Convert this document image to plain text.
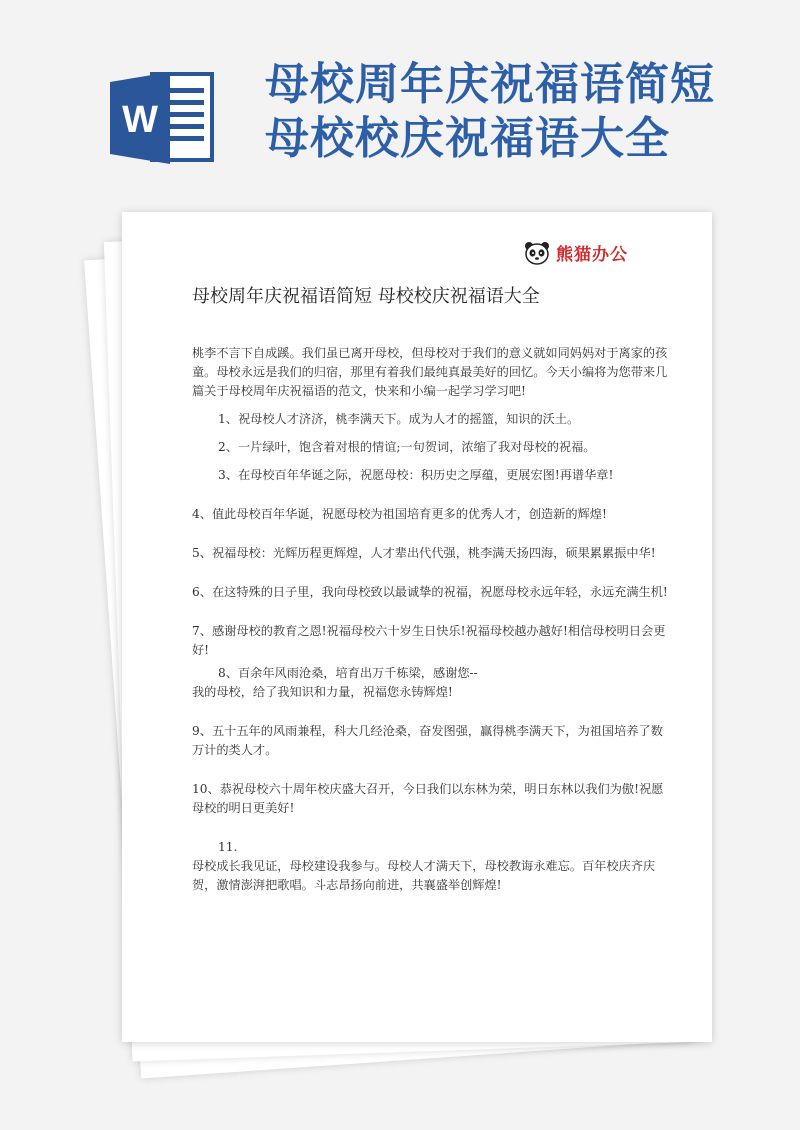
W
母校周年庆祝福语简短
母校校庆祝福语大全
熊猫办公
母校周年庆祝福语简短 母校校庆祝福语大全

桃李不言下自成蹊。我们虽已离开母校，但母校对于我们的意义就如同妈妈对于离家的孩童。母校永远是我们的归宿，那里有着我们最纯真最美好的回忆。今天小编将为您带来几篇关于母校周年庆祝福语的范文，快来和小编一起学习学习吧!

1、祝母校人才济济，桃李满天下。成为人才的摇篮，知识的沃土。

2、一片绿叶，饱含着对根的情谊;一句贺词，浓缩了我对母校的祝福。

3、在母校百年华诞之际，祝愿母校：积历史之厚蕴，更展宏图!再谱华章!

4、值此母校百年华诞，祝愿母校为祖国培育更多的优秀人才，创造新的辉煌!

5、祝福母校：光辉历程更辉煌，人才辈出代代强，桃李满天扬四海，硕果累累振中华!

6、在这特殊的日子里，我向母校致以最诚挚的祝福，祝愿母校永远年轻，永远充满生机!

7、感谢母校的教育之恩!祝福母校六十岁生日快乐!祝福母校越办越好!相信母校明日会更好!

8、百余年风雨沧桑，培育出万千栋梁，感谢您--

我的母校，给了我知识和力量，祝福您永铸辉煌!

9、五十五年的风雨兼程，科大几经沧桑，奋发图强，赢得桃李满天下，为祖国培养了数万计的类人才。

10、恭祝母校六十周年校庆盛大召开，今日我们以东林为荣，明日东林以我们为傲!祝愿母校的明日更美好!

11.

母校成长我见证，母校建设我参与。母校人才满天下，母校教诲永难忘。百年校庆齐庆贺，激情澎湃把歌唱。斗志昂扬向前进，共襄盛举创辉煌!
